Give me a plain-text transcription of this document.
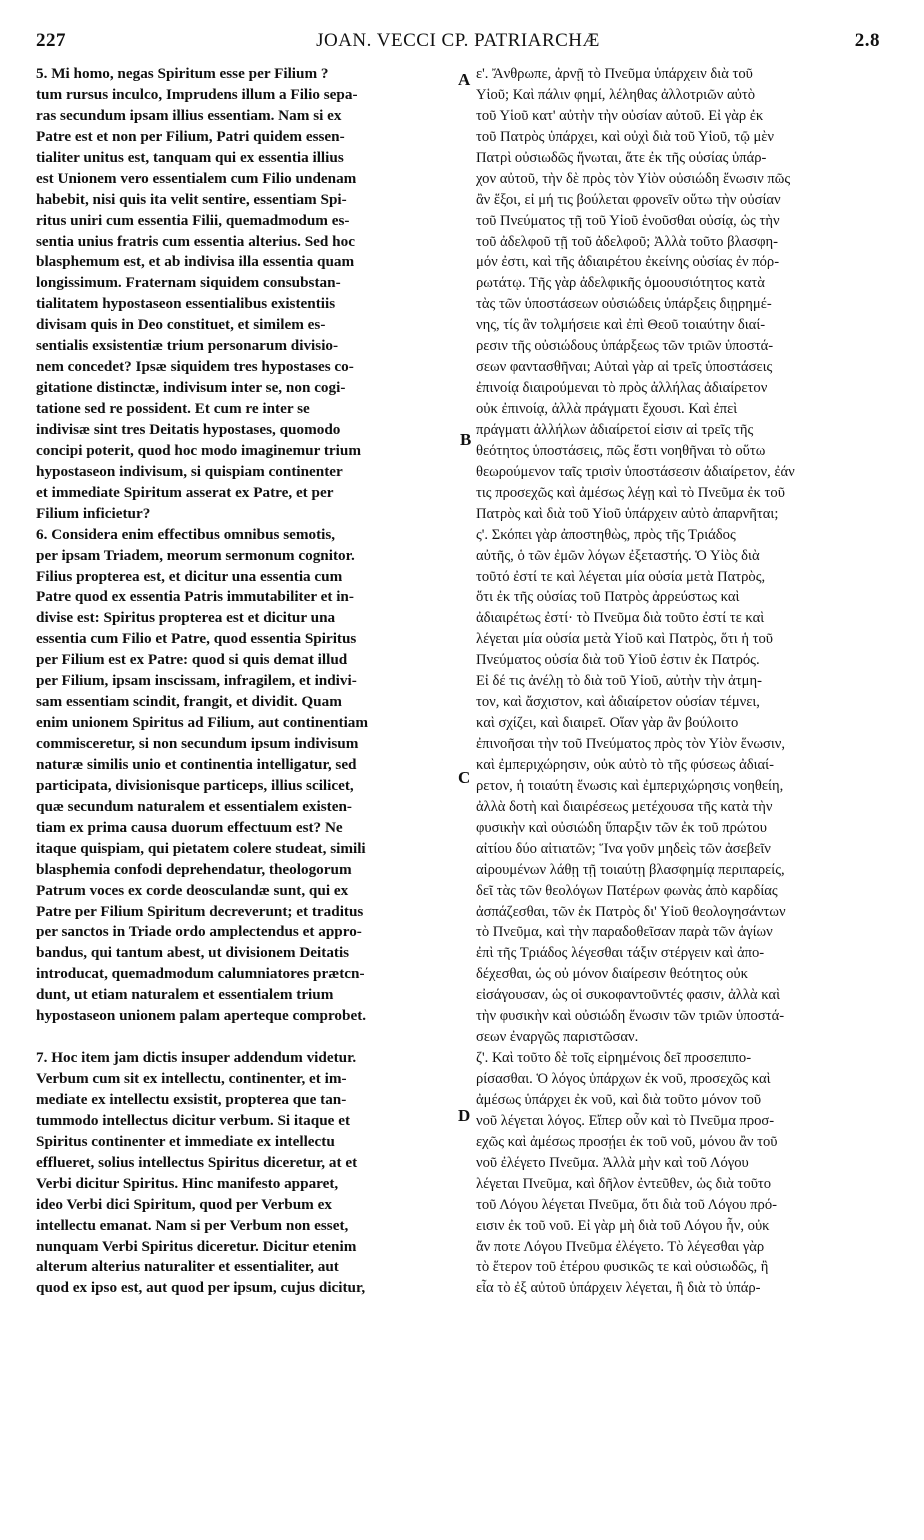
227	JOAN. VECCI CP. PATRIARCHÆ	2.8
5. Mi homo, negas Spiritum esse per Filium ?
tum rursus inculco, Imprudens illum a Filio sepa-
ras secundum ipsam illius essentiam. Nam si ex
Patre est et non per Filium, Patri quidem essen-
tialiter unitus est, tanquam qui ex essentia illius
est Unionem vero essentialem cum Filio undenam
habebit, nisi quis ita velit sentire, essentiam Spi-
ritus uniri cum essentia Filii, quemadmodum es-
sentia unius fratris cum essentia alterius. Sed hoc
blasphemum est, et ab indivisa illa essentia quam
longissimum. Fraternam siquidem consubstan-
tialitatem hypostaseon essentialibus existentiis
divisam quis in Deo constituet, et similem es-
sentialis exsistentiæ trium personarum divisio-
nem concedet? Ipsæ siquidem tres hypostases co-
gitatione distinctæ, indivisum inter se, non cogi-
tatione sed re possident. Et cum re inter se
indivisæ sint tres Deitatis hypostases, quomodo
concipi poterit, quod hoc modo imaginemur trium
hypostaseon indivisum, si quispiam continenter
et immediate Spiritum asserat ex Patre, et per
Filium inficietur?
6. Considera enim effectibus omnibus semotis,
per ipsam Triadem, meorum sermonum cognitor.
Filius propterea est, et dicitur una essentia cum
Patre quod ex essentia Patris immutabiliter et in-
divise est: Spiritus propterea est et dicitur una
essentia cum Filio et Patre, quod essentia Spiritus
per Filium est ex Patre: quod si quis demat illud
per Filium, ipsam inscissam, infragilem, et indivi-
sam essentiam scindit, frangit, et dividit. Quam
enim unionem Spiritus ad Filium, aut continentiam
commisceretur, si non secundum ipsum indivisum
naturæ similis unio et continentia intelligatur, sed
participata, divisionisque particeps, illius scilicet,
quæ secundum naturalem et essentialem existen-
tiam ex prima causa duorum effectuum est? Ne
itaque quispiam, qui pietatem colere studeat, simili
blasphemia confodi deprehendatur, theologorum
Patrum voces ex corde deosculandæ sunt, qui ex
Patre per Filium Spiritum decreverunt; et traditus
per sanctos in Triade ordo amplectendus et appro-
bandus, qui tantum abest, ut divisionem Deitatis
introducat, quemadmodum calumniatores prætcn-
dunt, ut etiam naturalem et essentialem trium
hypostaseon unionem palam aperteque comprobet.
7. Hoc item jam dictis insuper addendum videtur.
Verbum cum sit ex intellectu, continenter, et im-
mediate ex intellectu exsistit, propterea que tan-
tummodo intellectus dicitur verbum. Si itaque et
Spiritus continenter et immediate ex intellectu
efflueret, solius intellectus Spiritus diceretur, at et
Verbi dicitur Spiritus. Hinc manifesto apparet,
ideo Verbi dici Spiritum, quod per Verbum ex
intellectu emanat. Nam si per Verbum non esset,
nunquam Verbi Spiritus diceretur. Dicitur etenim
alterum alterius naturaliter et essentialiter, aut
quod ex ipso est, aut quod per ipsum, cujus dicitur,
ε'. Ἄνθρωπε, ἀρνῇ τὸ Πνεῦμα ὑπάρχειν διὰ τοῦ
Υἱοῦ; Καὶ πάλιν φημί, λέληθας ἀλλοτριῶν αὐτὸ
τοῦ Υἱοῦ κατ' αὐτὴν τὴν οὐσίαν αὐτοῦ. Εἰ γὰρ ἐκ
τοῦ Πατρὸς ὑπάρχει, καὶ οὐχὶ διὰ τοῦ Υἱοῦ, τῷ μὲν
Πατρὶ οὐσιωδῶς ἥνωται, ἅτε ἐκ τῆς οὐσίας ὑπάρ-
χον αὐτοῦ, τὴν δὲ πρὸς τὸν Υἱὸν οὐσιώδη ἕνωσιν πῶς
ἂν ἕξοι, εἰ μή τις βούλεται φρονεῖν οὕτω τὴν οὐσίαν
τοῦ Πνεύματος τῇ τοῦ Υἱοῦ ἑνοῦσθαι οὐσίᾳ, ὡς τὴν
τοῦ ἀδελφοῦ τῇ τοῦ ἀδελφοῦ; Ἀλλὰ τοῦτο βλασφη-
μόν ἐστι, καὶ τῆς ἀδιαιρέτου ἐκείνης οὐσίας ἐν πόρ-
ρωτάτῳ. Τῆς γὰρ ἀδελφικῆς ὁμοουσιότητος κατὰ
τὰς τῶν ὑποστάσεων οὐσιώδεις ὑπάρξεις διῃρημέ-
νης, τίς ἂν τολμήσειε καὶ ἐπὶ Θεοῦ τοιαύτην διαί-
ρεσιν τῆς οὐσιώδους ὑπάρξεως τῶν τριῶν ὑποστά-
σεων φαντασθῆναι; Αὐταὶ γὰρ αἱ τρεῖς ὑποστάσεις
ἐπινοίᾳ διαιρούμεναι τὸ πρὸς ἀλλήλας ἀδιαίρετον
οὐκ ἐπινοίᾳ, ἀλλὰ πράγματι ἔχουσι. Καὶ ἐπεὶ
πράγματι ἀλλήλων ἀδιαίρετοί εἰσιν αἱ τρεῖς τῆς
θεότητος ὑποστάσεις, πῶς ἔστι νοηθῆναι τὸ οὕτω
θεωρούμενον ταῖς τρισὶν ὑποστάσεσιν ἀδιαίρετον, ἐάν
τις προσεχῶς καὶ ἀμέσως λέγῃ καὶ τὸ Πνεῦμα ἐκ τοῦ
Πατρὸς καὶ διὰ τοῦ Υἱοῦ ὑπάρχειν αὐτὸ ἀπαρνῆται;
ς'. Σκόπει γὰρ ἀποστηθὼς, πρὸς τῆς Τριάδος
αὐτῆς, ὁ τῶν ἐμῶν λόγων ἐξεταστής. Ὁ Υἱὸς διὰ
τοῦτό ἐστί τε καὶ λέγεται μία οὐσία μετὰ Πατρὸς,
ὅτι ἐκ τῆς οὐσίας τοῦ Πατρὸς ἀρρεύστως καὶ
ἀδιαιρέτως ἐστί· τὸ Πνεῦμα διὰ τοῦτο ἐστί τε καὶ
λέγεται μία οὐσία μετὰ Υἱοῦ καὶ Πατρὸς, ὅτι ἡ τοῦ
Πνεύματος οὐσία διὰ τοῦ Υἱοῦ ἐστιν ἐκ Πατρός.
Εἰ δέ τις ἀνέλῃ τὸ διὰ τοῦ Υἱοῦ, αὐτὴν τὴν ἀτμη-
τον, καὶ ἄσχιστον, καὶ ἀδιαίρετον οὐσίαν τέμνει,
καὶ σχίζει, καὶ διαιρεῖ. Οἵαν γὰρ ἂν βούλοιτο
ἐπινοῆσαι τὴν τοῦ Πνεύματος πρὸς τὸν Υἱὸν ἕνωσιν,
καὶ ἐμπεριχώρησιν, οὐκ αὐτὸ τὸ τῆς φύσεως ἀδιαί-
ρετον, ἡ τοιαύτη ἕνωσις καὶ ἐμπεριχώρησις νοηθείη,
ἀλλὰ δοτὴ καὶ διαιρέσεως μετέχουσα τῆς κατὰ τὴν
φυσικὴν καὶ οὐσιώδη ὕπαρξιν τῶν ἐκ τοῦ πρώτου
αἰτίου δύο αἰτιατῶν; Ἵνα γοῦν μηδεὶς τῶν ἀσεβεῖν
αἱρουμένων λάθῃ τῇ τοιαύτῃ βλασφημίᾳ περιπαρείς,
δεῖ τὰς τῶν θεολόγων Πατέρων φωνὰς ἀπὸ καρδίας
ἀσπάζεσθαι, τῶν ἐκ Πατρὸς δι' Υἱοῦ θεολογησάντων
τὸ Πνεῦμα, καὶ τὴν παραδοθεῖσαν παρὰ τῶν ἁγίων
ἐπὶ τῆς Τριάδος λέγεσθαι τάξιν στέργειν καὶ ἀπο-
δέχεσθαι, ὡς οὐ μόνον διαίρεσιν θεότητος οὐκ
εἰσάγουσαν, ὡς οἱ συκοφαντοῦντές φασιν, ἀλλὰ καὶ
τὴν φυσικὴν καὶ οὐσιώδη ἕνωσιν τῶν τριῶν ὑποστά-
σεων ἐναργῶς παριστῶσαν.
ζ'. Καὶ τοῦτο δὲ τοῖς εἰρημένοις δεῖ προσεπιπο-
ρίσασθαι. Ὁ λόγος ὑπάρχων ἐκ νοῦ, προσεχῶς καὶ
ἀμέσως ὑπάρχει ἐκ νοῦ, καὶ διὰ τοῦτο μόνον τοῦ
νοῦ λέγεται λόγος. Εἴπερ οὖν καὶ τὸ Πνεῦμα προσ-
εχῶς καὶ ἀμέσως προσῄει ἐκ τοῦ νοῦ, μόνου ἂν τοῦ
νοῦ ἐλέγετο Πνεῦμα. Ἀλλὰ μὴν καὶ τοῦ Λόγου
λέγεται Πνεῦμα, καὶ δῆλον ἐντεῦθεν, ὡς διὰ τοῦτο
τοῦ Λόγου λέγεται Πνεῦμα, ὅτι διὰ τοῦ Λόγου πρό-
εισιν ἐκ τοῦ νοῦ. Εἰ γὰρ μὴ διὰ τοῦ Λόγου ἦν, οὐκ
ἄν ποτε Λόγου Πνεῦμα ἐλέγετο. Τὸ λέγεσθαι γὰρ
τὸ ἕτερον τοῦ ἑτέρου φυσικῶς τε καὶ οὐσιωδῶς, ἢ
εἶα τὸ ἐξ αὐτοῦ ὑπάρχειν λέγεται, ἢ διὰ τὸ ὑπάρ-
A
B
C
D
